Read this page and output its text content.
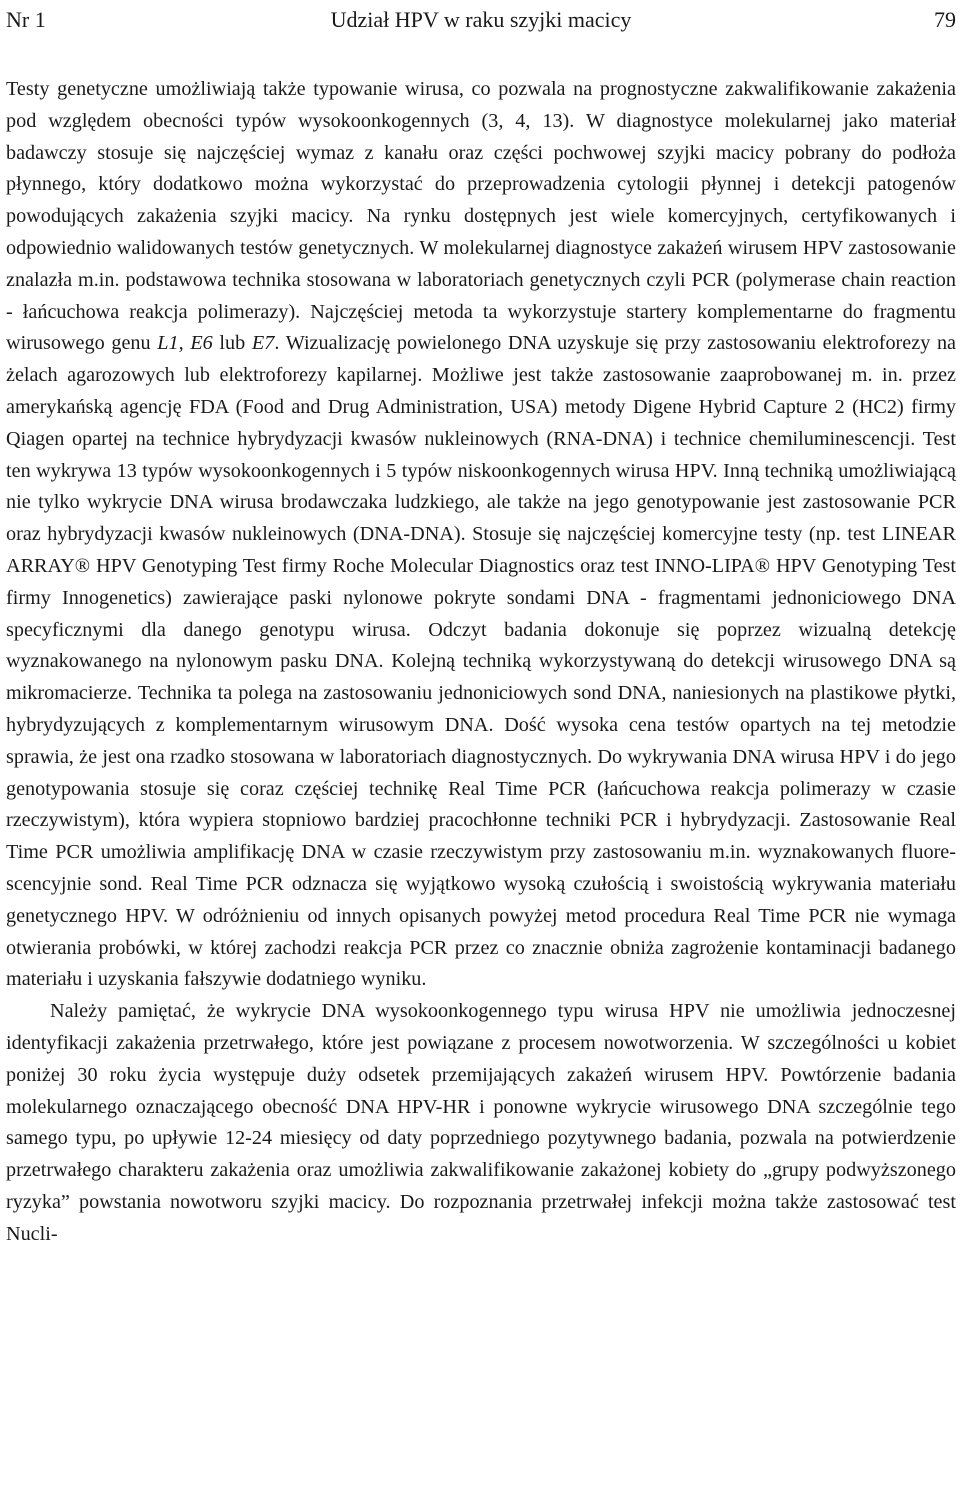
Nr 1	Udział HPV w raku szyjki macicy	79

Testy genetyczne umożliwiają także typowanie wirusa, co pozwala na prognostyczne zakwalifikowanie zakażenia pod względem obecności typów wysokoonkogennych (3, 4, 13). W diagnostyce molekularnej jako materiał badawczy stosuje się najczęściej wymaz z kanału oraz części pochwowej szyjki macicy pobrany do podłoża płynnego, który dodatkowo można wykorzystać do przeprowadzenia cytologii płynnej i detekcji patogenów powodujących zakażenia szyjki macicy. Na rynku dostępnych jest wiele komercyjnych, certyfikowanych i odpowiednio walidowanych testów genetycznych. W molekularnej diagnostyce zakażeń wirusem HPV zastosowanie znalazła m.in. podstawowa technika stosowana w laboratoriach genetycznych czyli PCR (polymerase chain reaction - łańcuchowa reakcja polimerazy). Najczęściej metoda ta wykorzystuje startery komplementarne do fragmentu wirusowego genu L1, E6 lub E7. Wizualizację powielonego DNA uzyskuje się przy zastosowaniu elektroforezy na żelach agarozowych lub elektroforezy kapilarnej. Możliwe jest także zastosowanie zaaprobowanej m. in. przez amerykańską agencję FDA (Food and Drug Administration, USA) metody Digene Hybrid Capture 2 (HC2) firmy Qiagen opartej na technice hybrydyzacji kwasów nukleinowych (RNA-DNA) i technice chemiluminescencji. Test ten wykrywa 13 typów wysokoonkogennych i 5 typów niskoonkogennych wirusa HPV. Inną techniką umożliwiającą nie tylko wykrycie DNA wirusa brodawczaka ludzkiego, ale także na jego genotypowanie jest zastosowanie PCR oraz hybrydyzacji kwasów nukleinowych (DNA-DNA). Stosuje się najczęściej komercyjne testy (np. test LINEAR ARRAY® HPV Genotyping Test firmy Roche Molecular Diagnostics oraz test INNO-LIPA® HPV Genotyping Test firmy Innogenetics) zawierające paski nylonowe pokryte sondami DNA - fragmentami jednoniciowego DNA specyficznymi dla danego genotypu wirusa. Odczyt badania dokonuje się poprzez wizualną detekcję wyznakowanego na nylonowym pasku DNA. Kolejną techniką wykorzystywaną do detekcji wirusowego DNA są mikromacierze. Technika ta polega na zastosowaniu jednoniciowych sond DNA, naniesionych na plastikowe płytki, hybrydyzujących z komplementarnym wirusowym DNA. Dość wysoka cena testów opartych na tej metodzie sprawia, że jest ona rzadko stosowana w laboratoriach diagnostycznych. Do wykrywania DNA wirusa HPV i do jego genotypowania stosuje się coraz częściej technikę Real Time PCR (łańcuchowa reakcja polimerazy w czasie rzeczywistym), która wypiera stopniowo bardziej pracochłonne techniki PCR i hybrydyzacji. Zastosowanie Real Time PCR umożliwia amplifikację DNA w czasie rzeczywistym przy zastosowaniu m.in. wyznakowanych fluorescencyjnie sond. Real Time PCR odznacza się wyjątkowo wysoką czułością i swoistością wykrywania materiału genetycznego HPV. W odróżnieniu od innych opisanych powyżej metod procedura Real Time PCR nie wymaga otwierania probówki, w której zachodzi reakcja PCR przez co znacznie obniża zagrożenie kontaminacji badanego materiału i uzyskania fałszywie dodatniego wyniku.

Należy pamiętać, że wykrycie DNA wysokoonkogennego typu wirusa HPV nie umożliwia jednoczesnej identyfikacji zakażenia przetrwałego, które jest powiązane z procesem nowotworzenia. W szczególności u kobiet poniżej 30 roku życia występuje duży odsetek przemijających zakażeń wirusem HPV. Powtórzenie badania molekularnego oznaczającego obecność DNA HPV-HR i ponowne wykrycie wirusowego DNA szczególnie tego samego typu, po upływie 12-24 miesięcy od daty poprzedniego pozytywnego badania, pozwala na potwierdzenie przetrwałego charakteru zakażenia oraz umożliwia zakwalifikowanie zakażonej kobiety do „grupy podwyższonego ryzyka” powstania nowotworu szyjki macicy. Do rozpoznania przetrwałej infekcji można także zastosować test Nucli-
